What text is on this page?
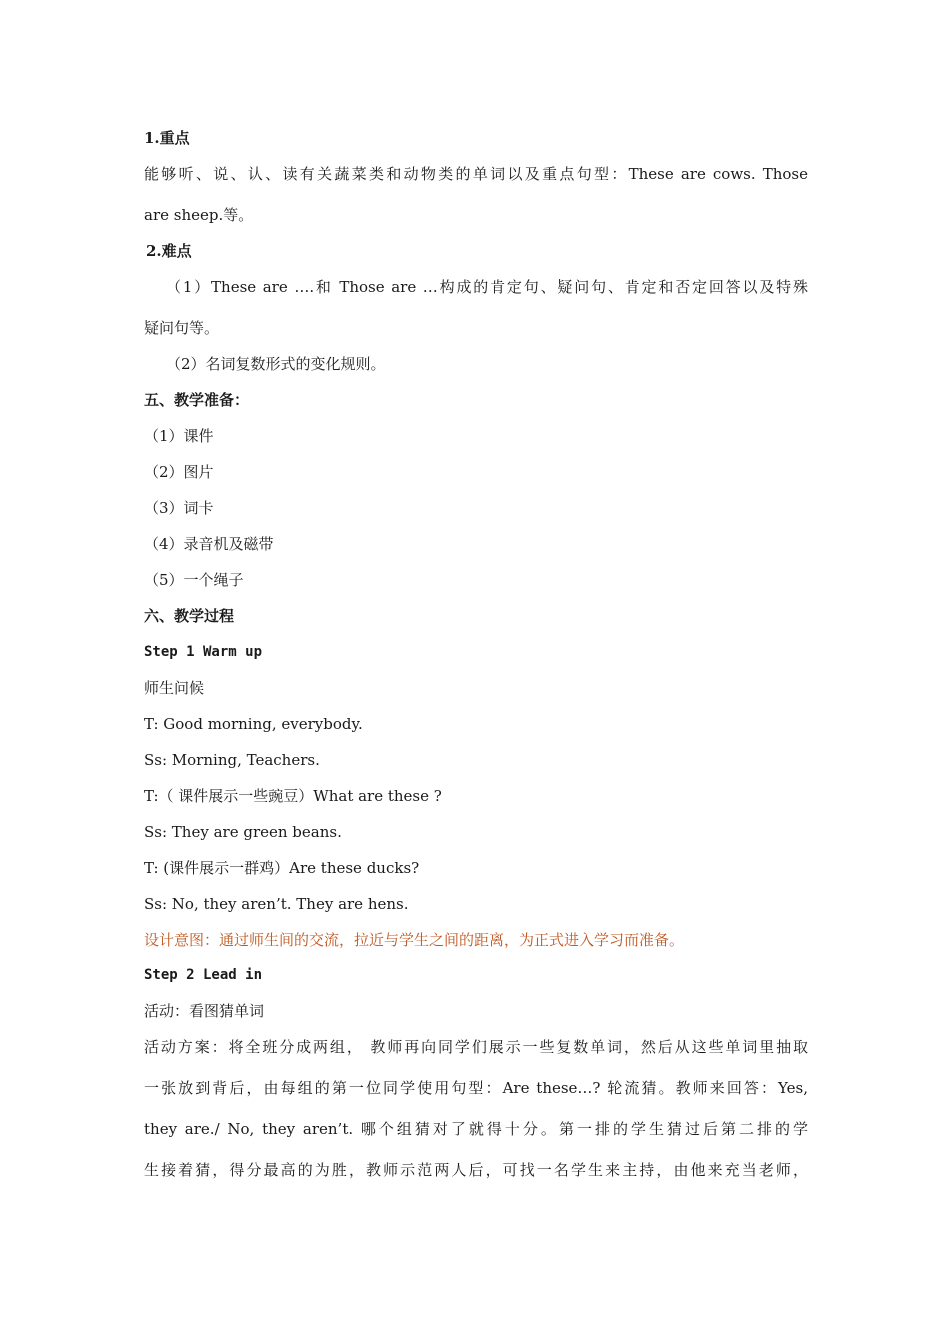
1.重点
能够听、说、认、读有关蔬菜类和动物类的单词以及重点句型：These are cows. Those
are sheep.等。
2.难点
（1）These are ….和 Those are …构成的肯定句、疑问句、肯定和否定回答以及特殊
疑问句等。
（2）名词复数形式的变化规则。
五、教学准备：
（1）课件
（2）图片
（3）词卡
（4）录音机及磁带
（5）一个绳子
六、教学过程
Step 1 Warm up
师生问候
T: Good morning, everybody.
Ss: Morning, Teachers.
T:（ 课件展示一些豌豆）What are these ?
Ss: They are green beans.
T: (课件展示一群鸡）Are these ducks?
Ss: No, they aren’t. They are hens.
设计意图：通过师生间的交流，拉近与学生之间的距离，为正式进入学习而准备。
Step 2 Lead in
活动：看图猜单词
活动方案：将全班分成两组， 教师再向同学们展示一些复数单词，然后从这些单词里抽取
一张放到背后，由每组的第一位同学使用句型：Are these…? 轮流猜。教师来回答：Yes,
they are./ No, they aren’t. 哪个组猜对了就得十分。第一排的学生猜过后第二排的学
生接着猜，得分最高的为胜，教师示范两人后，可找一名学生来主持，由他来充当老师，
